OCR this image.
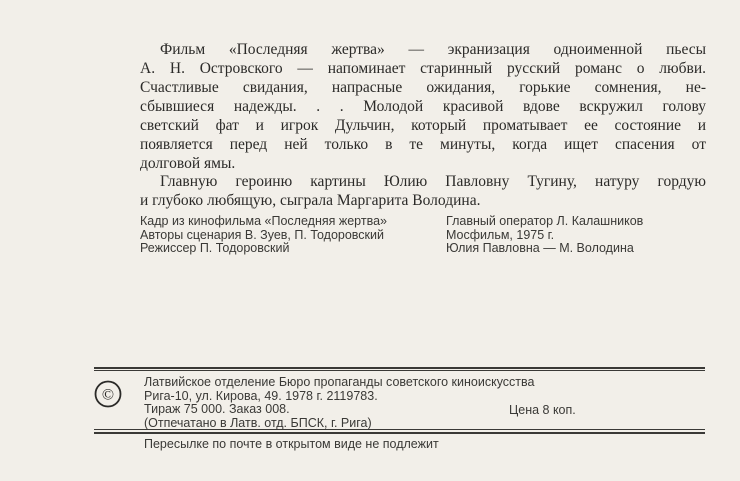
Фильм «Последняя жертва» — экранизация одноименной пьесы
А. Н. Островского — напоминает старинный русский романс о любви.
Счастливые свидания, напрасные ожидания, горькие сомнения, не-
сбывшиеся надежды. . . Молодой красивой вдове вскружил голову
светский фат и игрок Дульчин, который проматывает ее состояние и
появляется перед ней только в те минуты, когда ищет спасения от
долговой ямы.
Главную героиню картины Юлию Павловну Тугину, натуру гордую
и глубоко любящую, сыграла Маргарита Володина.
Кадр из кинофильма «Последняя жертва»
Авторы сценария В. Зуев, П. Тодоровский
Режиссер П. Тодоровский
Главный оператор Л. Калашников
Мосфильм, 1975 г.
Юлия Павловна — М. Володина
©
Латвийское отделение Бюро пропаганды советского киноискусства
Рига-10, ул. Кирова, 49. 1978 г. 2119783.
Тираж 75 000. Заказ 008.
(Отпечатано в Латв. отд. БПСК, г. Рига)
Цена 8 коп.
Пересылке по почте в открытом виде не подлежит
